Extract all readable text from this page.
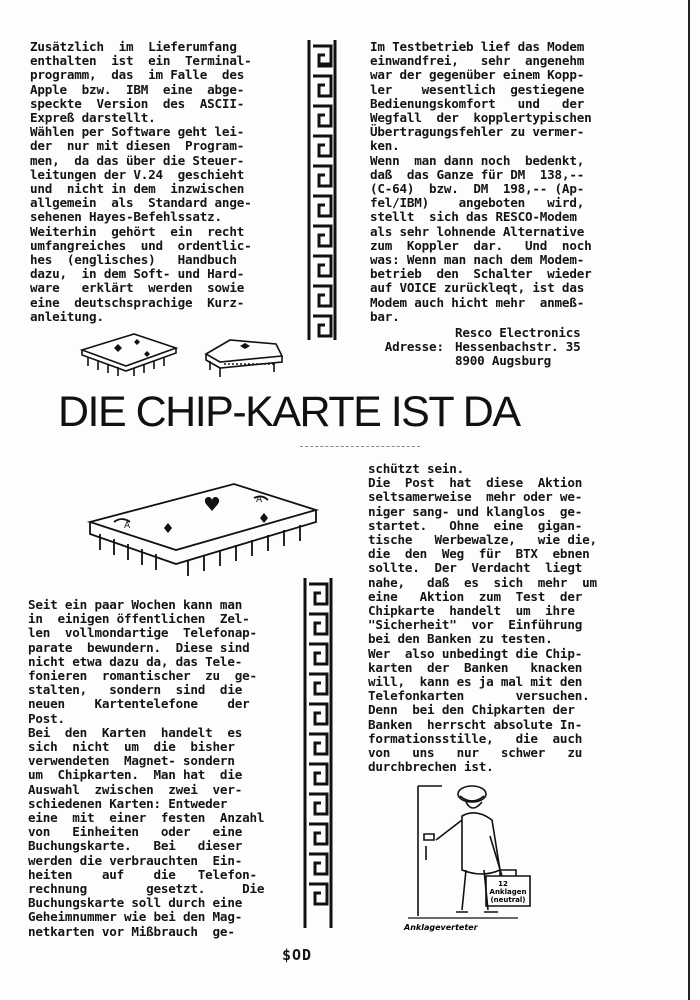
Zusätzlich  im  Lieferumfang
enthalten  ist  ein  Terminal-
programm,  das  im Falle  des
Apple  bzw.  IBM  eine  abge-
speckte  Version  des  ASCII-
Expreß darstellt.
Wählen per Software geht lei-
der  nur mit diesen  Program-
men,  da das über die Steuer-
leitungen der V.24  geschieht
und  nicht in dem  inzwischen
allgemein  als  Standard ange-
sehenen Hayes-Befehlssatz.
Weiterhin  gehört  ein  recht
umfangreiches  und  ordentlic-
hes  (englisches)   Handbuch
dazu,  in dem Soft- und Hard-
ware   erklärt  werden  sowie
eine  deutschsprachige  Kurz-
anleitung.
Im Testbetrieb lief das Modem
einwandfrei,   sehr  angenehm
war der gegenüber einem Kopp-
ler    wesentlich  gestiegene
Bedienungskomfort   und   der
Wegfall  der  kopplertypischen
Übertragungsfehler zu vermer-
ken.
Wenn  man dann noch  bedenkt,
daß  das Ganze für DM  138,--
(C-64)  bzw.  DM  198,-- (Ap-
fel/IBM)    angeboten   wird,
stellt  sich das RESCO-Modem
als sehr lohnende Alternative
zum  Koppler  dar.   Und  noch
was: Wenn man nach dem Modem-
betrieb  den  Schalter  wieder
auf VOICE zurückleqt, ist das
Modem auch hicht mehr  anmeß-
bar.

Adresse:

Resco Electronics

Hessenbachstr. 35

8900 Augsburg

DIE CHIP-KARTE IST DA
A
A
Seit ein paar Wochen kann man
in  einigen öffentlichen  Zel-
len  vollmondartige  Telefonap-
parate  bewundern.  Diese sind
nicht etwa dazu da, das Tele-
fonieren  romantischer  zu  ge-
stalten,   sondern  sind  die
neuen    Kartentelefone    der
Post.
Bei  den  Karten  handelt  es
sich  nicht  um  die  bisher
verwendeten  Magnet- sondern
um  Chipkarten.  Man hat  die
Auswahl  zwischen  zwei  ver-
schiedenen Karten: Entweder
eine  mit  einer  festen  Anzahl
von   Einheiten   oder   eine
Buchungskarte.   Bei   dieser
werden die verbrauchten  Ein-
heiten    auf    die   Telefon-
rechnung        gesetzt.     Die
Buchungskarte soll durch eine
Geheimnummer wie bei den Mag-
netkarten vor Mißbrauch  ge-
schützt sein.
Die  Post  hat  diese  Aktion
seltsamerweise  mehr oder we-
niger sang- und klanglos  ge-
startet.   Ohne  eine  gigan-
tische   Werbewalze,   wie die,
die  den  Weg  für  BTX  ebnen
sollte.  Der  Verdacht  liegt
nahe,   daß  es  sich  mehr  um
eine   Aktion  zum  Test  der
Chipkarte  handelt  um  ihre
"Sicherheit"  vor  Einführung
bei den Banken zu testen.
Wer  also unbedingt die Chip-
karten  der  Banken   knacken
will,  kann es ja mal mit den
Telefonkarten       versuchen.
Denn  bei den Chipkarten der
Banken  herrscht absolute In-
formationsstille,   die  auch
von   uns   nur   schwer   zu
durchbrechen ist.
12
Anklagen
(neutral)
Anklageverteter
$OD
